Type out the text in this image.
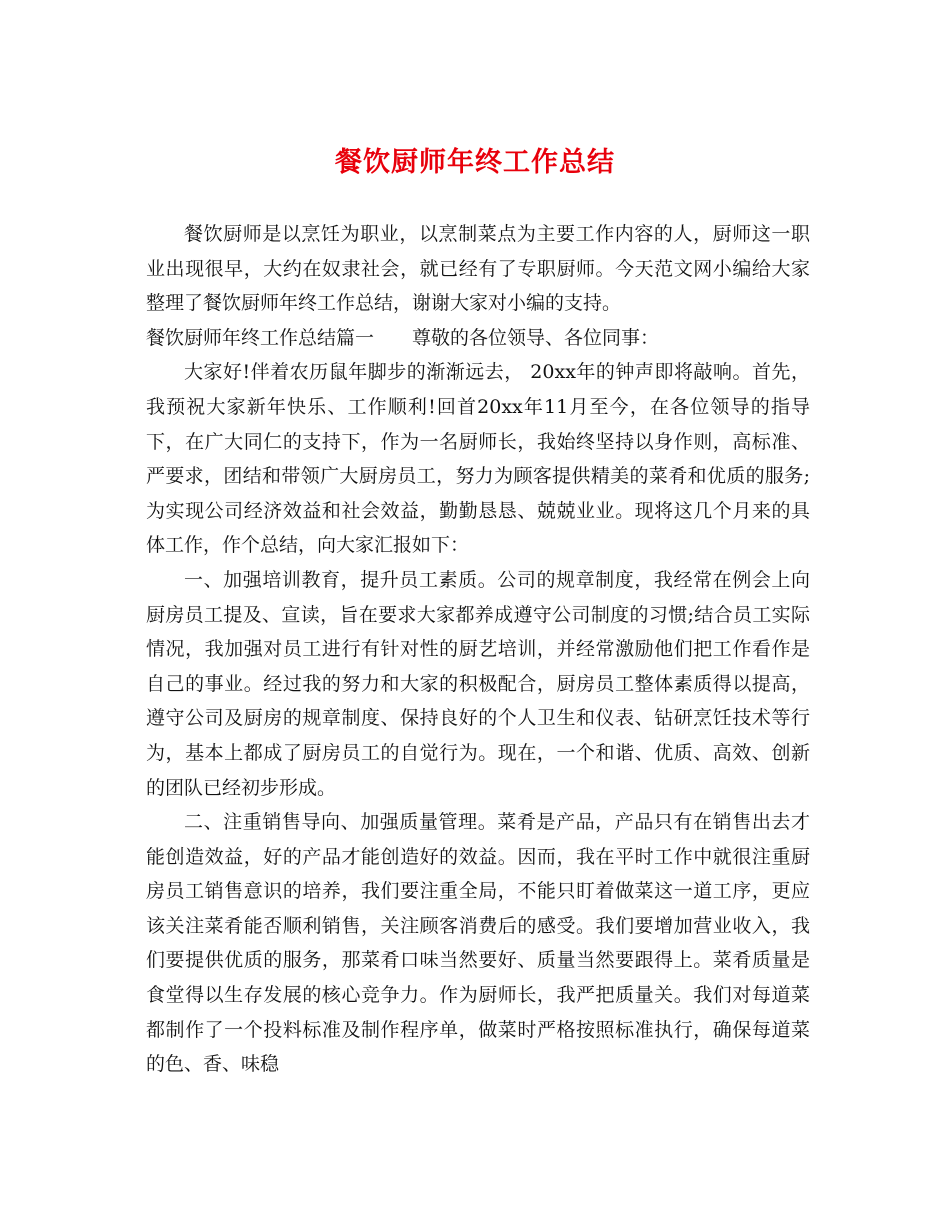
餐饮厨师年终工作总结

餐饮厨师是以烹饪为职业，以烹制菜点为主要工作内容的人，厨师这一职业出现很早，大约在奴隶社会，就已经有了专职厨师。今天范文网小编给大家整理了餐饮厨师年终工作总结，谢谢大家对小编的支持。

餐饮厨师年终工作总结篇一 尊敬的各位领导、各位同事：

大家好!伴着农历鼠年脚步的渐渐远去， 20xx年的钟声即将敲响。首先，我预祝大家新年快乐、工作顺利!回首20xx年11月至今，在各位领导的指导下，在广大同仁的支持下，作为一名厨师长，我始终坚持以身作则，高标准、严要求，团结和带领广大厨房员工，努力为顾客提供精美的菜肴和优质的服务;为实现公司经济效益和社会效益，勤勤恳恳、兢兢业业。现将这几个月来的具体工作，作个总结，向大家汇报如下：

一、加强培训教育，提升员工素质。公司的规章制度，我经常在例会上向厨房员工提及、宣读，旨在要求大家都养成遵守公司制度的习惯;结合员工实际情况，我加强对员工进行有针对性的厨艺培训，并经常激励他们把工作看作是自己的事业。经过我的努力和大家的积极配合，厨房员工整体素质得以提高，遵守公司及厨房的规章制度、保持良好的个人卫生和仪表、钻研烹饪技术等行为，基本上都成了厨房员工的自觉行为。现在，一个和谐、优质、高效、创新的团队已经初步形成。

二、注重销售导向、加强质量管理。菜肴是产品，产品只有在销售出去才能创造效益，好的产品才能创造好的效益。因而，我在平时工作中就很注重厨房员工销售意识的培养，我们要注重全局，不能只盯着做菜这一道工序，更应该关注菜肴能否顺利销售，关注顾客消费后的感受。我们要增加营业收入，我们要提供优质的服务，那菜肴口味当然要好、质量当然要跟得上。菜肴质量是食堂得以生存发展的核心竞争力。作为厨师长，我严把质量关。我们对每道菜都制作了一个投料标准及制作程序单，做菜时严格按照标准执行，确保每道菜的色、香、味稳
